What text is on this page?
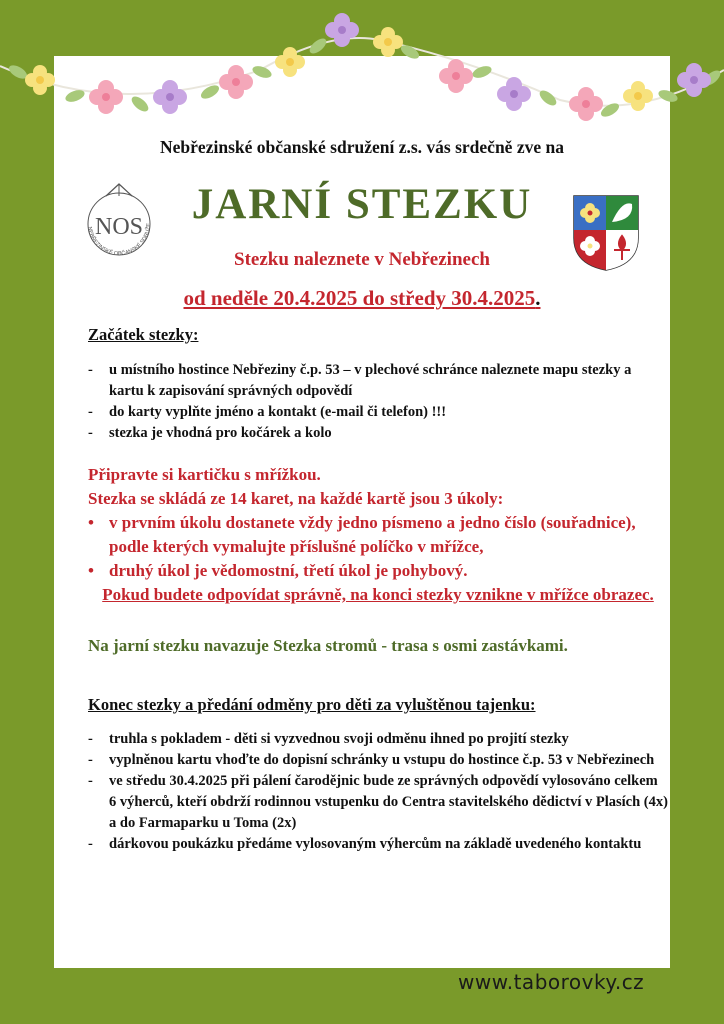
Nebřezinské občanské sdružení z.s. vás srdečně zve na
JARNÍ STEZKU
Stezku naleznete v Nebřezinech
od neděle 20.4.2025 do středy 30.4.2025.
NOS
NEBŘEZINSKÉ OBČANSKÉ SDRUŽE
Začátek stezky:
- u místního hostince Nebřeziny č.p. 53 – v plechové schránce naleznete mapu stezky a kartu k zapisování správných odpovědí
- do karty vyplňte jméno a kontakt (e-mail či telefon) !!!
- stezka je vhodná pro kočárek a kolo

Připravte si kartičku s mřížkou.

Stezka se skládá ze 14 karet, na každé kartě jsou 3 úkoly:

• v prvním úkolu dostanete vždy jedno písmeno a jedno číslo (souřadnice), podle kterých vymalujte příslušné políčko v mřížce,
• druhý úkol je vědomostní, třetí úkol je pohybový.

Pokud budete odpovídat správně, na konci stezky vznikne v mřížce obrazec.

Na jarní stezku navazuje Stezka stromů - trasa s osmi zastávkami.
Konec stezky a předání odměny pro děti za vyluštěnou tajenku:
- truhla s pokladem - děti si vyzvednou svoji odměnu ihned po projití stezky
- vyplněnou kartu vhoďte do dopisní schránky u vstupu do hostince č.p. 53 v Nebřezinech
- ve středu 30.4.2025 při pálení čarodějnic bude ze správných odpovědí vylosováno celkem 6 výherců, kteří obdrží rodinnou vstupenku do Centra stavitelského dědictví v Plasích (4x) a do Farmaparku u Toma (2x)
- dárkovou poukázku předáme vylosovaným výhercům na základě uvedeného kontaktu
www.taborovky.cz
